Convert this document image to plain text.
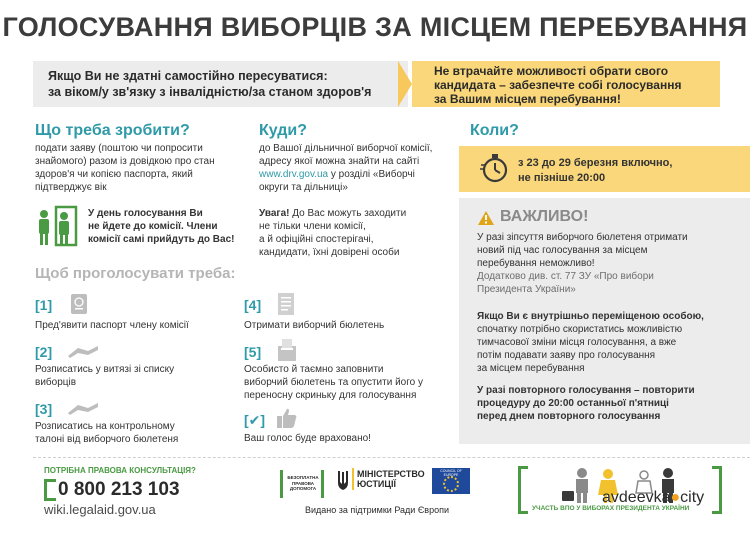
ГОЛОСУВАННЯ ВИБОРЦІВ ЗА МІСЦЕМ ПЕРЕБУВАННЯ
Якщо Ви не здатні самостійно пересуватися:
за віком/у зв'язку з інвалідністю/за станом здоров'я
Не втрачайте можливості обрати свого
кандидата – забезпечте собі голосування
за Вашим місцем перебування!
Що треба зробити?
подати заяву (поштою чи попросити
знайомого) разом із довідкою про стан
здоров'я чи копією паспорта, який
підтверджує вік
У день голосування Ви
не йдете до комісії. Члени
комісії самі прийдуть до Вас!
Куди?
до Вашої дільничної виборчої комісії,
адресу якої можна знайти на сайті
www.drv.gov.ua у розділі «Виборчі
округи та дільниці»
Увага! До Вас можуть заходити
не тільки члени комісії,
а й офіційні спостерігачі,
кандидати, їхні довірені особи
Коли?
з 23 до 29 березня включно,
не пізніше 20:00
ВАЖЛИВО!
У разі зіпсуття виборчого бюлетеня отримати
новий під час голосування за місцем
перебування неможливо!
Додатково див. ст. 77 ЗУ «Про вибори
Президента України»
Якщо Ви є внутрішньо переміщеною особою,
спочатку потрібно скористатись можливістю
тимчасової зміни місця голосування, а вже
потім подавати заяву про голосування
за місцем перебування
У разі повторного голосування – повторити
процедуру до 20:00 останньої п'ятниці
перед днем повторного голосування
Щоб проголосувати треба:
[1]
Пред'явити паспорт члену комісії
[2]
Розписатись у витязі зі списку
виборців
[3]
Розписатись на контрольному
талоні від виборчого бюлетеня
[4]
Отримати виборчий бюлетень
[5]
Особисто й таємно заповнити
виборчий бюлетень та опустити його у
переносну скриньку для голосування
[✔]
Ваш голос буде враховано!
ПОТРІБНА ПРАВОВА КОНСУЛЬТАЦІЯ?
0 800 213 103
wiki.legalaid.gov.ua
БЕЗОПЛАТНА ПРАВОВА ДОПОМОГА
МІНІСТЕРСТВО
ЮСТИЦІЇ
COUNCIL OF EUROPE
Видано за підтримки Ради Європи	УЧАСТЬ ВПО У ВИБОРАХ ПРЕЗИДЕНТА УКРАЇНИ
avdeevka●city
